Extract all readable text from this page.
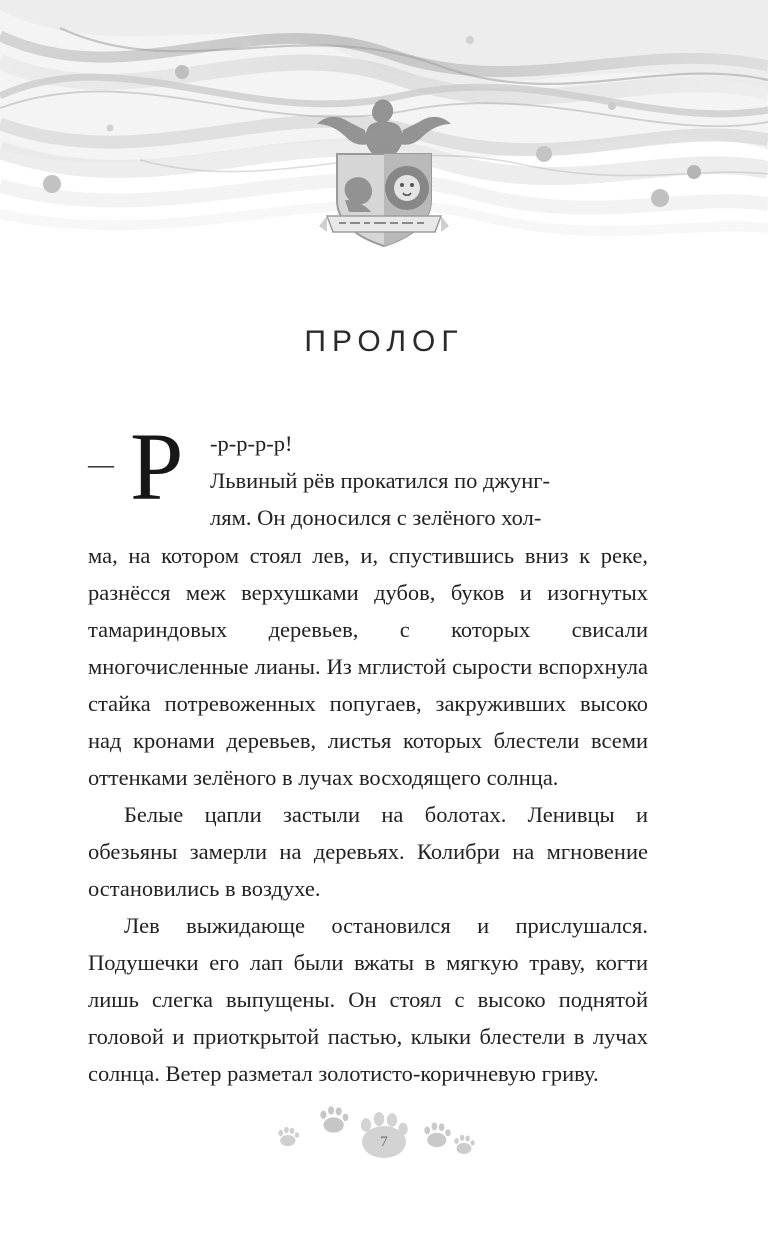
ПРОЛОГ
— Р	-р-р-р-р!
Львиный рёв прокатился по джунг-
лям. Он доносился с зелёного хол-

ма, на котором стоял лев, и, спустившись вниз к реке, разнёсся меж верхушками дубов, буков и изогнутых тамариндовых деревьев, с которых свисали многочисленные лианы. Из мглистой сырости вспорхнула стайка потревоженных попугаев, закруживших высоко над кронами деревьев, листья которых блестели всеми оттенками зелёного в лучах восходящего солнца.

Белые цапли застыли на болотах. Ленивцы и обезьяны замерли на деревьях. Колибри на мгновение остановились в воздухе.

Лев выжидающе остановился и прислушался. Подушечки его лап были вжаты в мягкую траву, когти лишь слегка выпущены. Он стоял с высоко поднятой головой и приоткрытой пастью, клыки блестели в лучах солнца. Ветер разметал золотисто-коричневую гриву.

7
